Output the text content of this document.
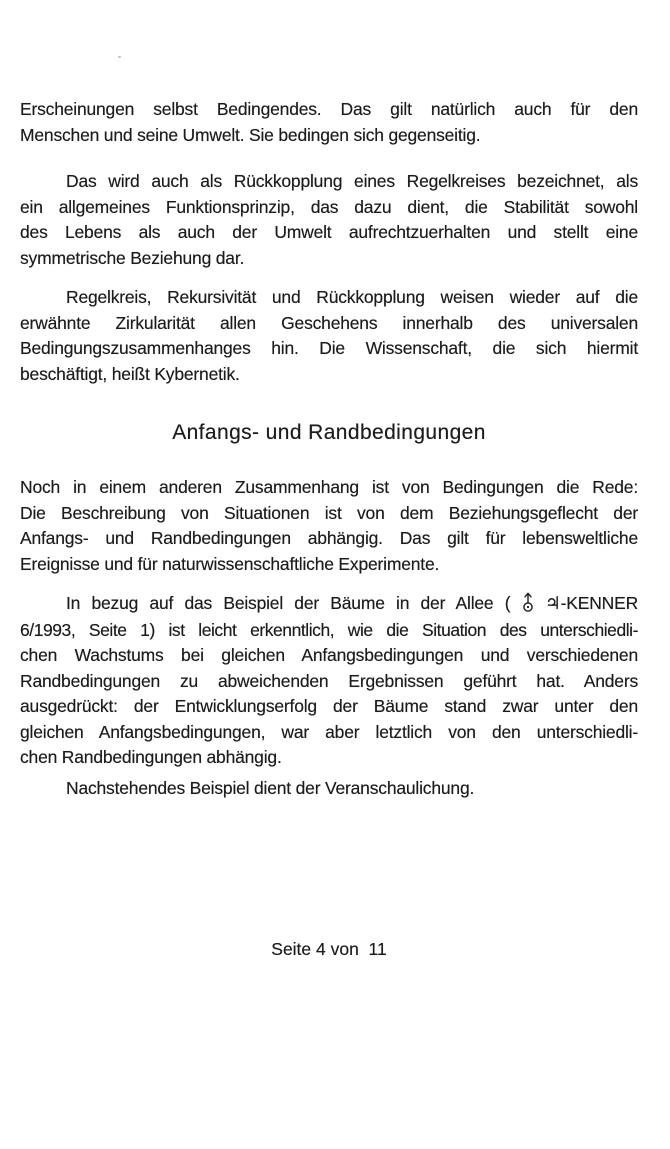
Erscheinungen selbst Bedingendes. Das gilt natürlich auch für den
Menschen und seine Umwelt. Sie bedingen sich gegenseitig.
Das wird auch als Rückkopplung eines Regelkreises bezeichnet, als
ein allgemeines Funktionsprinzip, das dazu dient, die Stabilität sowohl
des Lebens als auch der Umwelt aufrechtzuerhalten und stellt eine
symmetrische Beziehung dar.
Regelkreis, Rekursivität und Rückkopplung weisen wieder auf die
erwähnte Zirkularität allen Geschehens innerhalb des universalen
Bedingungszusammenhanges hin. Die Wissenschaft, die sich hiermit
beschäftigt, heißt Kybernetik.
Anfangs- und Randbedingungen
Noch in einem anderen Zusammenhang ist von Bedingungen die Rede:
Die Beschreibung von Situationen ist von dem Beziehungsgeflecht der
Anfangs- und Randbedingungen abhängig. Das gilt für lebensweltliche
Ereignisse und für naturwissenschaftliche Experimente.
In bezug auf das Beispiel der Bäume in der Allee ( ♃-KENNER
6/1993, Seite 1) ist leicht erkenntlich, wie die Situation des unterschiedli-
chen Wachstums bei gleichen Anfangsbedingungen und verschiedenen
Randbedingungen zu abweichenden Ergebnissen geführt hat. Anders
ausgedrückt: der Entwicklungserfolg der Bäume stand zwar unter den
gleichen Anfangsbedingungen, war aber letztlich von den unterschiedli-
chen Randbedingungen abhängig.
Nachstehendes Beispiel dient der Veranschaulichung.
Seite 4 von  11
